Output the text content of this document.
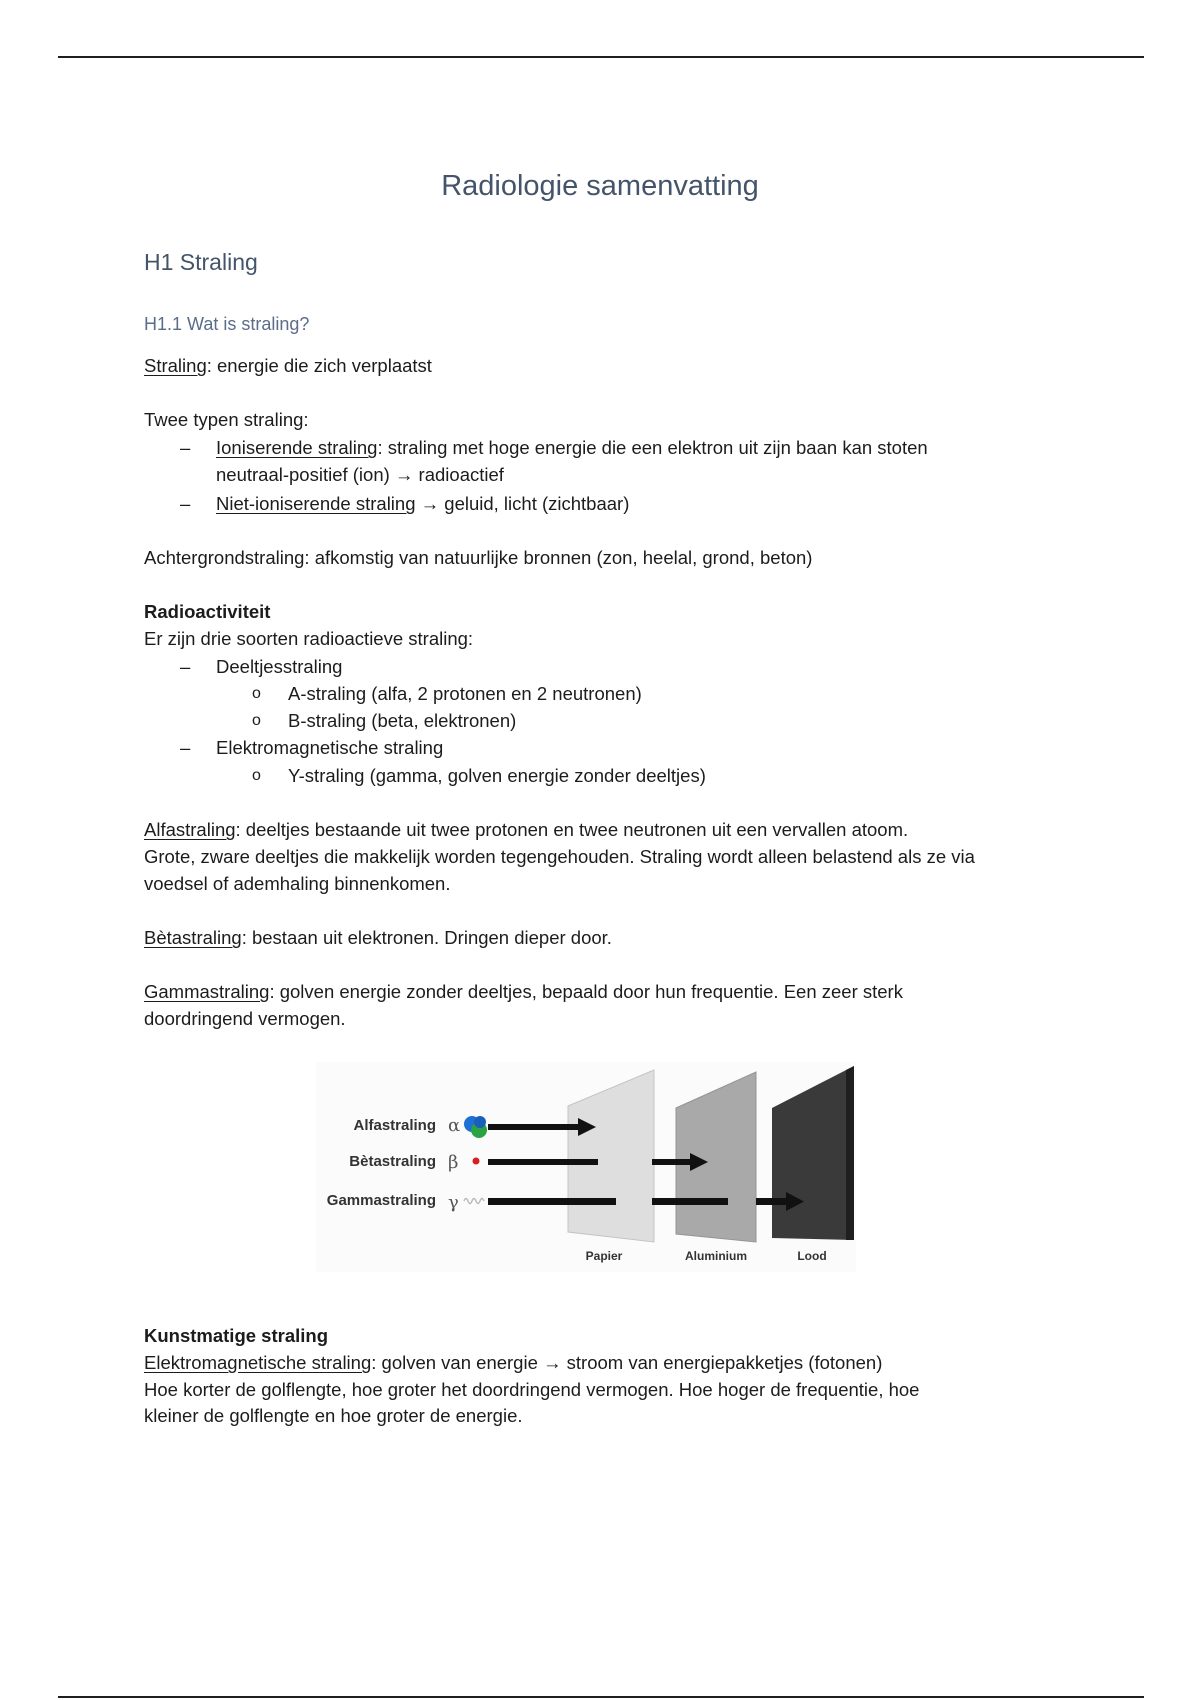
Radiologie samenvatting
H1 Straling
H1.1 Wat is straling?

Straling: energie die zich verplaatst

Twee typen straling:

–	Ioniserende straling: straling met hoge energie die een elektron uit zijn baan kan stoten
neutraal-positief (ion) → radioactief
–	Niet-ioniserende straling → geluid, licht (zichtbaar)

Achtergrondstraling: afkomstig van natuurlijke bronnen (zon, heelal, grond, beton)

Radioactiviteit

Er zijn drie soorten radioactieve straling:

–	Deeltjesstraling
o	A-straling (alfa, 2 protonen en 2 neutronen)
o	B-straling (beta, elektronen)
–	Elektromagnetische straling
o	Y-straling (gamma, golven energie zonder deeltjes)

Alfastraling: deeltjes bestaande uit twee protonen en twee neutronen uit een vervallen atoom.

Grote, zware deeltjes die makkelijk worden tegengehouden. Straling wordt alleen belastend als ze via

voedsel of ademhaling binnenkomen.

Bètastraling: bestaan uit elektronen. Dringen dieper door.

Gammastraling: golven energie zonder deeltjes, bepaald door hun frequentie. Een zeer sterk

doordringend vermogen.

Alfastraling
Bètastraling
Gammastraling
α
β
γ
Papier	Aluminium	Lood

Kunstmatige straling

Elektromagnetische straling: golven van energie → stroom van energiepakketjes (fotonen)

Hoe korter de golflengte, hoe groter het doordringend vermogen. Hoe hoger de frequentie, hoe

kleiner de golflengte en hoe groter de energie.
